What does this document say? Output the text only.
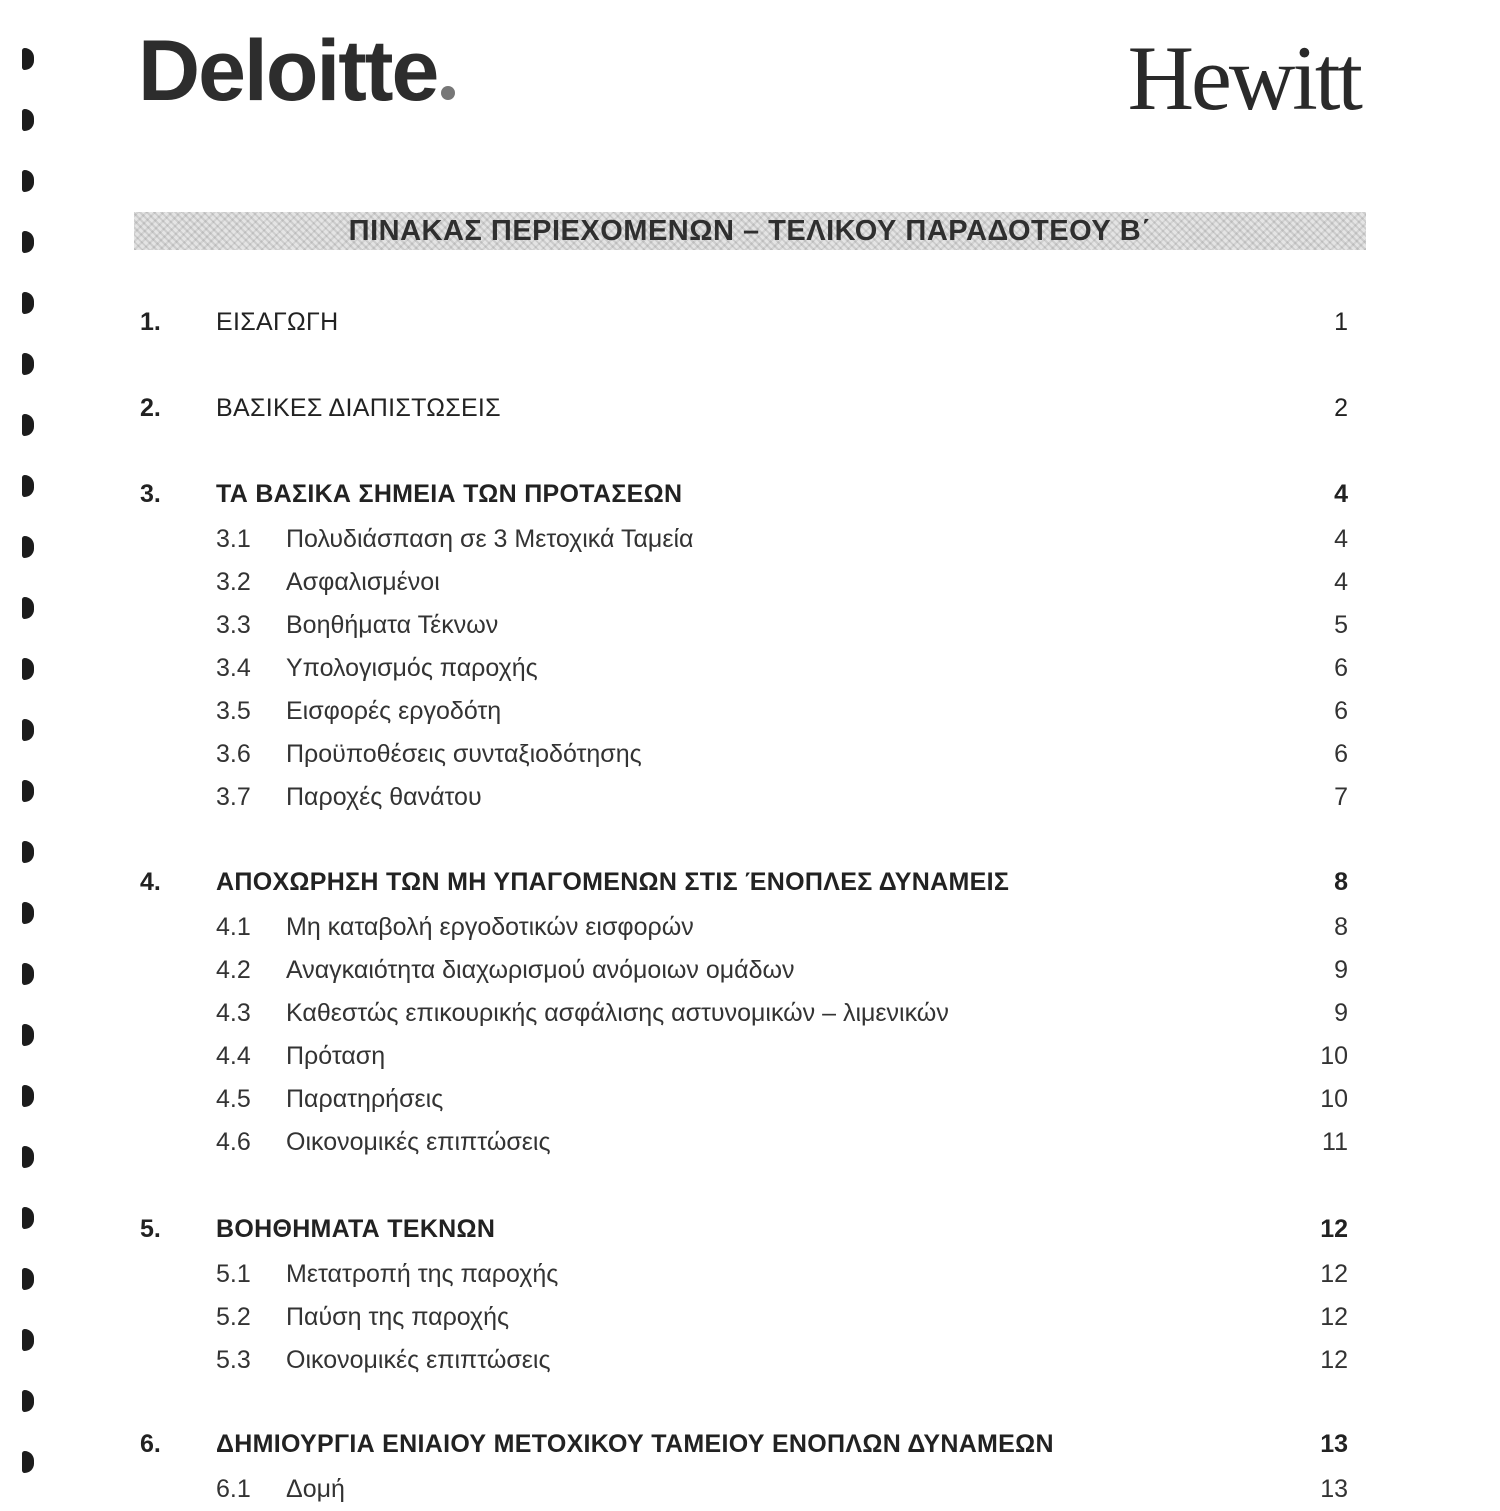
Deloitte	Hewitt
ΠΙΝΑΚΑΣ ΠΕΡΙΕΧΟΜΕΝΩΝ – ΤΕΛΙΚΟΥ ΠΑΡΑΔΟΤΕΟΥ Β΄
1. ΕΙΣΑΓΩΓΗ	1
2. ΒΑΣΙΚΕΣ ΔΙΑΠΙΣΤΩΣΕΙΣ	2
3. ΤΑ ΒΑΣΙΚΑ ΣΗΜΕΙΑ ΤΩΝ ΠΡΟΤΑΣΕΩΝ	4
3.1 Πολυδιάσπαση σε 3 Μετοχικά Ταμεία	4
3.2 Ασφαλισμένοι	4
3.3 Βοηθήματα Τέκνων	5
3.4 Υπολογισμός παροχής	6
3.5 Εισφορές εργοδότη	6
3.6 Προϋποθέσεις συνταξιοδότησης	6
3.7 Παροχές θανάτου	7
4. ΑΠΟΧΩΡΗΣΗ ΤΩΝ ΜΗ ΥΠΑΓΟΜΕΝΩΝ ΣΤΙΣ ΈΝΟΠΛΕΣ ΔΥΝΑΜΕΙΣ	8
4.1 Μη καταβολή εργοδοτικών εισφορών	8
4.2 Αναγκαιότητα διαχωρισμού ανόμοιων ομάδων	9
4.3 Καθεστώς επικουρικής ασφάλισης αστυνομικών – λιμενικών	9
4.4 Πρόταση	10
4.5 Παρατηρήσεις	10
4.6 Οικονομικές επιπτώσεις	11
5. ΒΟΗΘΗΜΑΤΑ ΤΕΚΝΩΝ	12
5.1 Μετατροπή της παροχής	12
5.2 Παύση της παροχής	12
5.3 Οικονομικές επιπτώσεις	12
6. ΔΗΜΙΟΥΡΓΙΑ ΕΝΙΑΙΟΥ ΜΕΤΟΧΙΚΟΥ ΤΑΜΕΙΟΥ ΕΝΟΠΛΩΝ ΔΥΝΑΜΕΩΝ	13
6.1 Δομή	13
